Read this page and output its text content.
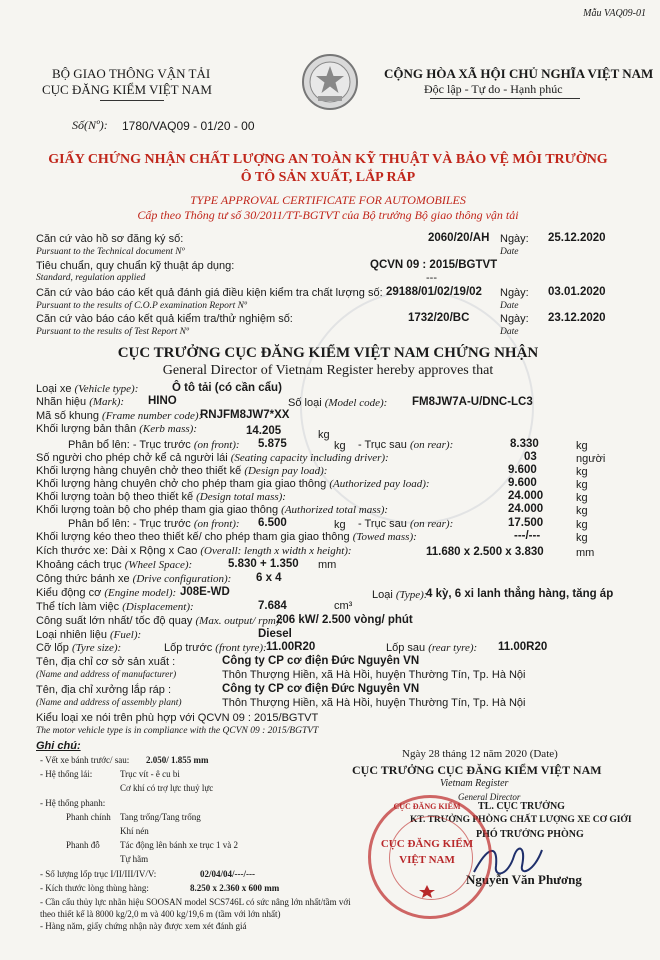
Mẫu VAQ09-01
BỘ GIAO THÔNG VẬN TẢI
CỤC ĐĂNG KIỂM VIỆT NAM
CỘNG HÒA XÃ HỘI CHỦ NGHĨA VIỆT NAM
Độc lập - Tự do - Hạnh phúc
Số(Nº): 1780/VAQ09 - 01/20 - 00
GIẤY CHỨNG NHẬN CHẤT LƯỢNG AN TOÀN KỸ THUẬT VÀ BẢO VỆ MÔI TRƯỜNG
Ô TÔ SẢN XUẤT, LẮP RÁP
TYPE APPROVAL CERTIFICATE FOR AUTOMOBILES
Cấp theo Thông tư số 30/2011/TT-BGTVT của Bộ trưởng Bộ giao thông vận tải
Căn cứ vào hồ sơ đăng ký số:	2060/20/AH Ngày: 25.12.2020
Pursuant to the Technical document Nº	Date
Tiêu chuẩn, quy chuẩn kỹ thuật áp dụng:	QCVN 09 : 2015/BGTVT
Standard, regulation applied	---
Căn cứ vào báo cáo kết quả đánh giá điều kiện kiểm tra chất lượng số: 29188/01/02/19/02 Ngày: 03.01.2020
Pursuant to the results of C.O.P examination Report Nº	Date
Căn cứ vào báo cáo kết quả kiểm tra/thử nghiệm số:	1732/20/BC	Ngày: 23.12.2020
Pursuant to the results of Test Report Nº	Date
CỤC TRƯỞNG CỤC ĐĂNG KIỂM VIỆT NAM CHỨNG NHẬN
General Director of Vietnam Register hereby approves that
Loại xe (Vehicle type):	Ô tô tải (có cần cẩu)
Nhãn hiệu (Mark): HINO	Số loại (Model code): FM8JW7A-U/DNC-LC3
Mã số khung (Frame number code):
RNJFM8JW7*XX
Khối lượng bản thân (Kerb mass):	14.205	kg
Phân bổ lên: - Trục trước (on front): 5.875	kg - Trục sau (on rear):	8.330	kg
Số người cho phép chở kể cả người lái (Seating capacity including driver):	03	người
Khối lượng hàng chuyên chở theo thiết kế (Design pay load):	9.600	kg
Khối lượng hàng chuyên chở cho phép tham gia giao thông (Authorized pay load):	9.600	kg
Khối lượng toàn bộ theo thiết kế (Design total mass):	24.000	kg
Khối lượng toàn bộ cho phép tham gia giao thông (Authorized total mass):	24.000	kg
Phân bổ lên: - Trục trước (on front): 6.500	kg - Trục sau (on rear):	17.500	kg
Khối lượng kéo theo theo thiết kế/ cho phép tham gia giao thông (Towed mass):	---/---	kg
Kích thước xe: Dài x Rộng x Cao (Overall: length x width x height):	11.680 x 2.500 x 3.830	mm
Khoảng cách trục (Wheel Space):	5.830 + 1.350 mm
Công thức bánh xe (Drive configuration): 6 x 4
Kiểu động cơ (Engine model): J08E-WD	Loại (Type):
4 kỳ, 6 xi lanh thẳng hàng, tăng áp
Thể tích làm việc (Displacement):	7.684	cm³
Công suất lớn nhất/ tốc độ quay (Max. output/ rpm):
206 kW/ 2.500 vòng/ phút
Loại nhiên liệu (Fuel):	Diesel
Cỡ lốp (Tyre size):	Lốp trước (front tyre): 11.00R20	Lốp sau (rear tyre): 11.00R20
Tên, địa chỉ cơ sở sản xuất :	Công ty CP cơ điện Đức Nguyên VN
(Name and address of manufacturer)	Thôn Thượng Hiền, xã Hà Hồi, huyện Thường Tín, Tp. Hà Nội
Tên, địa chỉ xưởng lắp ráp :	Công ty CP cơ điện Đức Nguyên VN
(Name and address of assembly plant)	Thôn Thượng Hiền, xã Hà Hồi, huyện Thường Tín, Tp. Hà Nội
Kiểu loại xe nói trên phù hợp với QCVN 09 : 2015/BGTVT
The motor vehicle type is in compliance with the QCVN 09 : 2015/BGTVT
Ghi chú:
- Vết xe bánh trước/ sau: 2.050/ 1.855 mm
- Hệ thống lái:	Trục vít - ê cu bi
Cơ khí có trợ lực thuỷ lực
- Hệ thống phanh:
Phanh chính Tang trống/Tang trống
Khí nén
Phanh đỗ Tác động lên bánh xe trục 1 và 2
Tự hãm
- Số lượng lốp trục I/II/III/IV/V:	02/04/04/---/---
- Kích thước lòng thùng hàng:	8.250 x 2.360 x 600 mm
- Cần cẩu thủy lực nhãn hiệu SOOSAN model SCS746L có sức nâng lớn nhất/tầm với
theo thiết kế là 8000 kg/2,0 m và 400 kg/19,6 m (tầm với lớn nhất)
- Hàng năm, giấy chứng nhận này được xem xét đánh giá
Ngày 28 tháng 12 năm 2020 (Date)
CỤC TRƯỞNG CỤC ĐĂNG KIỂM VIỆT NAM
Vietnam Register
General Director
TL. CỤC TRƯỞNG
KT. TRƯỞNG PHÒNG CHẤT LƯỢNG XE CƠ GIỚI
PHÓ TRƯỞNG PHÒNG
Nguyễn Văn Phương
CỤC ĐĂNG KIỂM
CỤC ĐĂNG KIỂM
VIỆT NAM
